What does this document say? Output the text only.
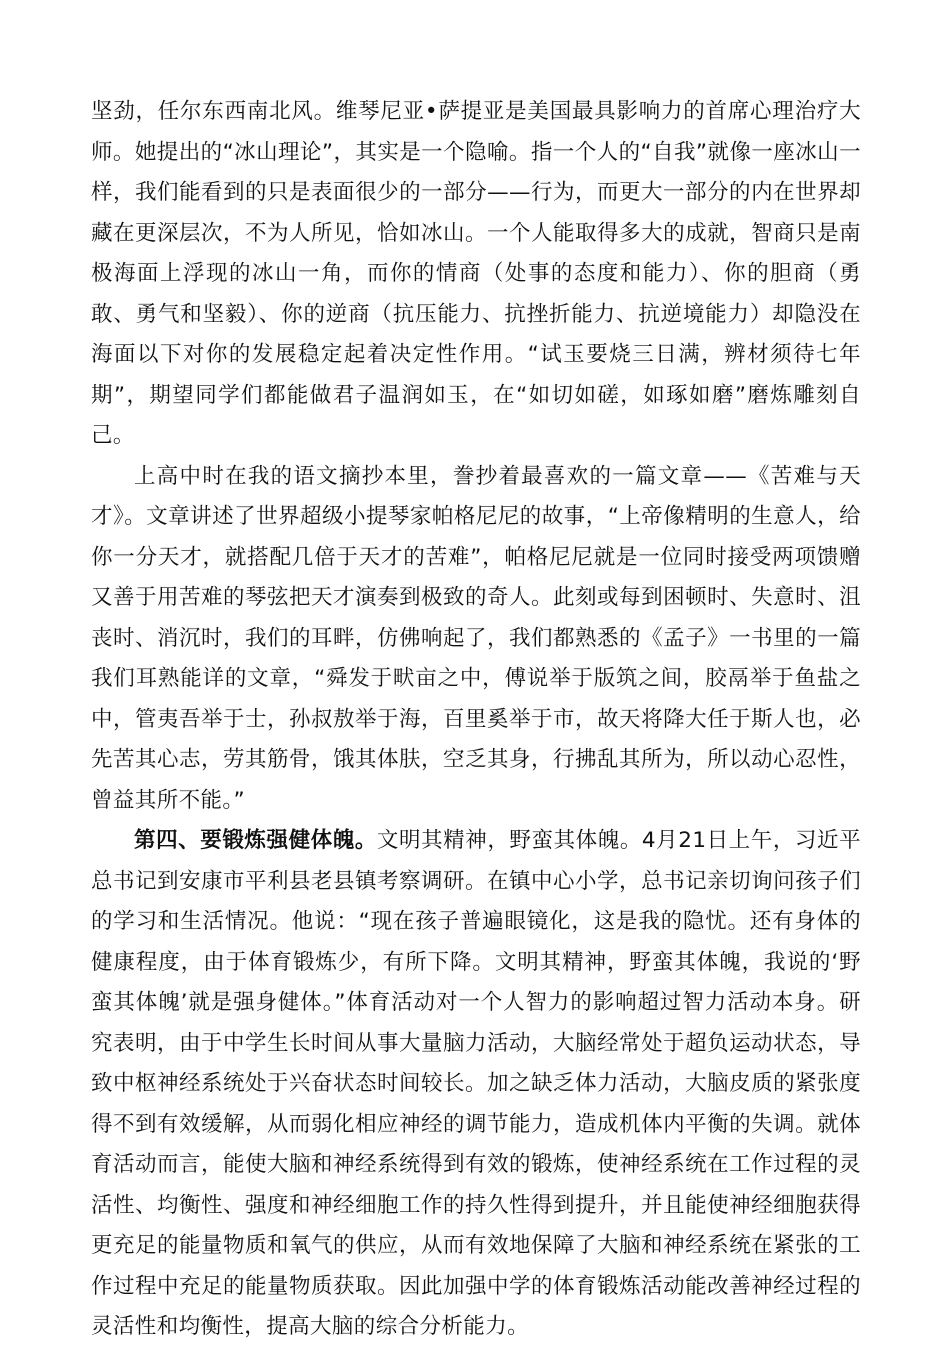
坚劲，任尔东西南北风。维琴尼亚•萨提亚是美国最具影响力的首席心理治疗大师。她提出的“冰山理论”，其实是一个隐喻。指一个人的“自我”就像一座冰山一样，我们能看到的只是表面很少的一部分——行为，而更大一部分的内在世界却藏在更深层次，不为人所见，恰如冰山。一个人能取得多大的成就，智商只是南极海面上浮现的冰山一角，而你的情商（处事的态度和能力）、你的胆商（勇敢、勇气和坚毅）、你的逆商（抗压能力、抗挫折能力、抗逆境能力）却隐没在海面以下对你的发展稳定起着决定性作用。“试玉要烧三日满，辨材须待七年期”，期望同学们都能做君子温润如玉，在“如切如磋，如琢如磨”磨炼雕刻自己。

上高中时在我的语文摘抄本里，誊抄着最喜欢的一篇文章——《苦难与天才》。文章讲述了世界超级小提琴家帕格尼尼的故事，“上帝像精明的生意人，给你一分天才，就搭配几倍于天才的苦难”，帕格尼尼就是一位同时接受两项馈赠又善于用苦难的琴弦把天才演奏到极致的奇人。此刻或每到困顿时、失意时、沮丧时、消沉时，我们的耳畔，仿佛响起了，我们都熟悉的《孟子》一书里的一篇我们耳熟能详的文章，“舜发于畎亩之中，傅说举于版筑之间，胶鬲举于鱼盐之中，管夷吾举于士，孙叔敖举于海，百里奚举于市，故天将降大任于斯人也，必先苦其心志，劳其筋骨，饿其体肤，空乏其身，行拂乱其所为，所以动心忍性，曾益其所不能。”

第四、要锻炼强健体魄。文明其精神，野蛮其体魄。4月21日上午，习近平总书记到安康市平利县老县镇考察调研。在镇中心小学，总书记亲切询问孩子们的学习和生活情况。他说：“现在孩子普遍眼镜化，这是我的隐忧。还有身体的健康程度，由于体育锻炼少，有所下降。文明其精神，野蛮其体魄，我说的‘野蛮其体魄’就是强身健体。”体育活动对一个人智力的影响超过智力活动本身。研究表明，由于中学生长时间从事大量脑力活动，大脑经常处于超负运动状态，导致中枢神经系统处于兴奋状态时间较长。加之缺乏体力活动，大脑皮质的紧张度得不到有效缓解，从而弱化相应神经的调节能力，造成机体内平衡的失调。就体育活动而言，能使大脑和神经系统得到有效的锻炼，使神经系统在工作过程的灵活性、均衡性、强度和神经细胞工作的持久性得到提升，并且能使神经细胞获得更充足的能量物质和氧气的供应，从而有效地保障了大脑和神经系统在紧张的工作过程中充足的能量物质获取。因此加强中学的体育锻炼活动能改善神经过程的灵活性和均衡性，提高大脑的综合分析能力。
